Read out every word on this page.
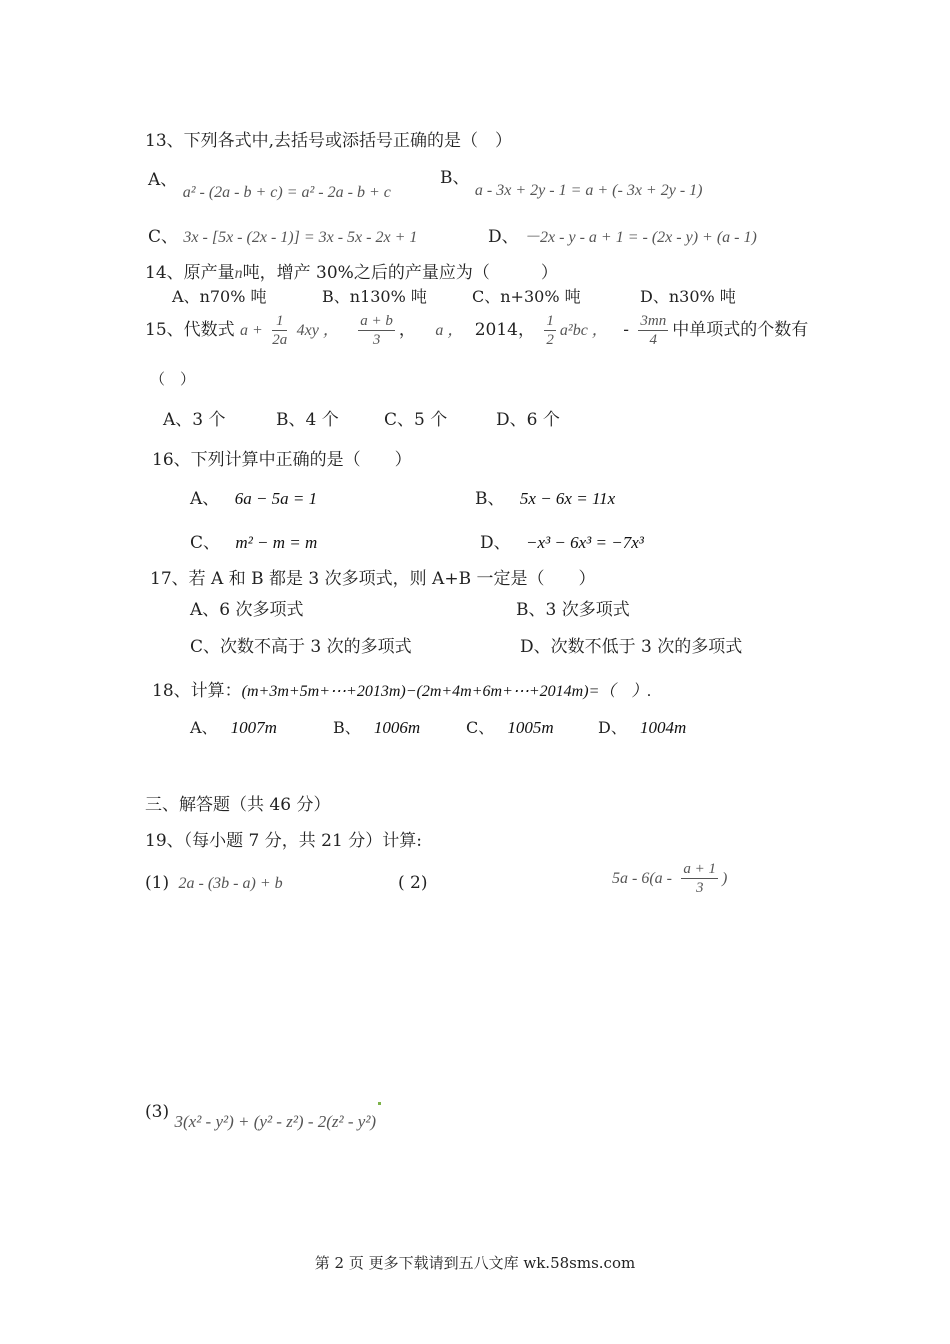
13、下列各式中,去括号或添括号正确的是（　）
A、 a² - (2a - b + c) = a² - 2a - b + c
B、 a - 3x + 2y - 1 = a + (- 3x + 2y - 1)
C、 3x - [5x - (2x - 1)] = 3x - 5x - 2x + 1	D、 －2x - y - a + 1 = - (2x - y) + (a - 1)
14、原产量n吨，增产 30%之后的产量应为（　　　）
A、n70% 吨	B、n130% 吨	C、n+30% 吨	D、n30% 吨
15、代数式 $a + \frac{1}{2a} 4xy$ ， $\frac{a + b}{3}$ ， a ， 2014， $\frac{1}{2} a^2bc$ ， - $\frac{3mn}{4}$ 中单项式的个数有
（　）
A、3 个	B、4 个	C、5 个	D、6 个
16、下列计算中正确的是（　　）
A、 6a − 5a = 1	B、 5x − 6x = 11x
C、 m² − m = m	D、 −x³ − 6x³ = −7x³
17、若 A 和 B 都是 3 次多项式，则 A+B 一定是（　　）
A、6 次多项式	B、3 次多项式
C、次数不高于 3 次的多项式	D、次数不低于 3 次的多项式
18、计算：(m+3m+5m+⋯+2013m)−(2m+4m+6m+⋯+2014m)=（　）.
A、 1007m	B、 1006m	C、 1005m	D、 1004m
三、解答题（共 46 分）
19、（每小题 7 分，共 21 分）计算:
(1) 2a - (3b - a) + b	( 2)	$5a - 6(a - \frac{a + 1}{3}$ )
(3) 3(x² - y²) + (y² - z²) - 2(z² - y²)
第 2 页 更多下载请到五八文库 wk.58sms.com
